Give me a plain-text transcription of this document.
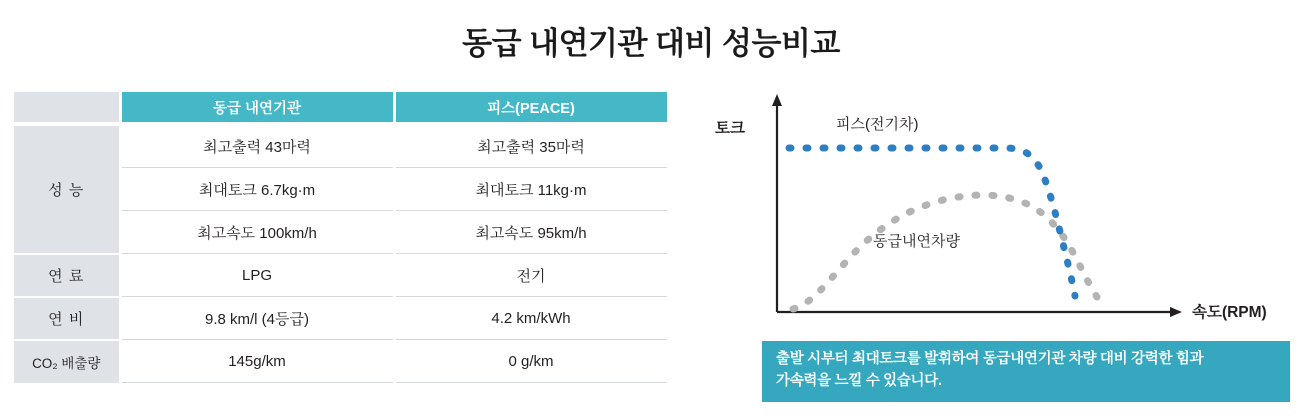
동급 내연기관 대비 성능비교
	동급 내연기관	피스(PEACE)

성 능	최고출력 43마력	최고출력 35마력
	최대토크 6.7kg·m	최대토크 11kg·m
	최고속도 100km/h	최고속도 95km/h
연 료	LPG	전기
연 비	9.8 km/l (4등급)	4.2 km/kWh
CO₂ 배출량	145g/km	0 g/km
토크
속도(RPM)
피스(전기차)
동급내연차량
출발 시부터 최대토크를 발휘하여 동급내연기관 차량 대비 강력한 힘과
가속력을 느낄 수 있습니다.
